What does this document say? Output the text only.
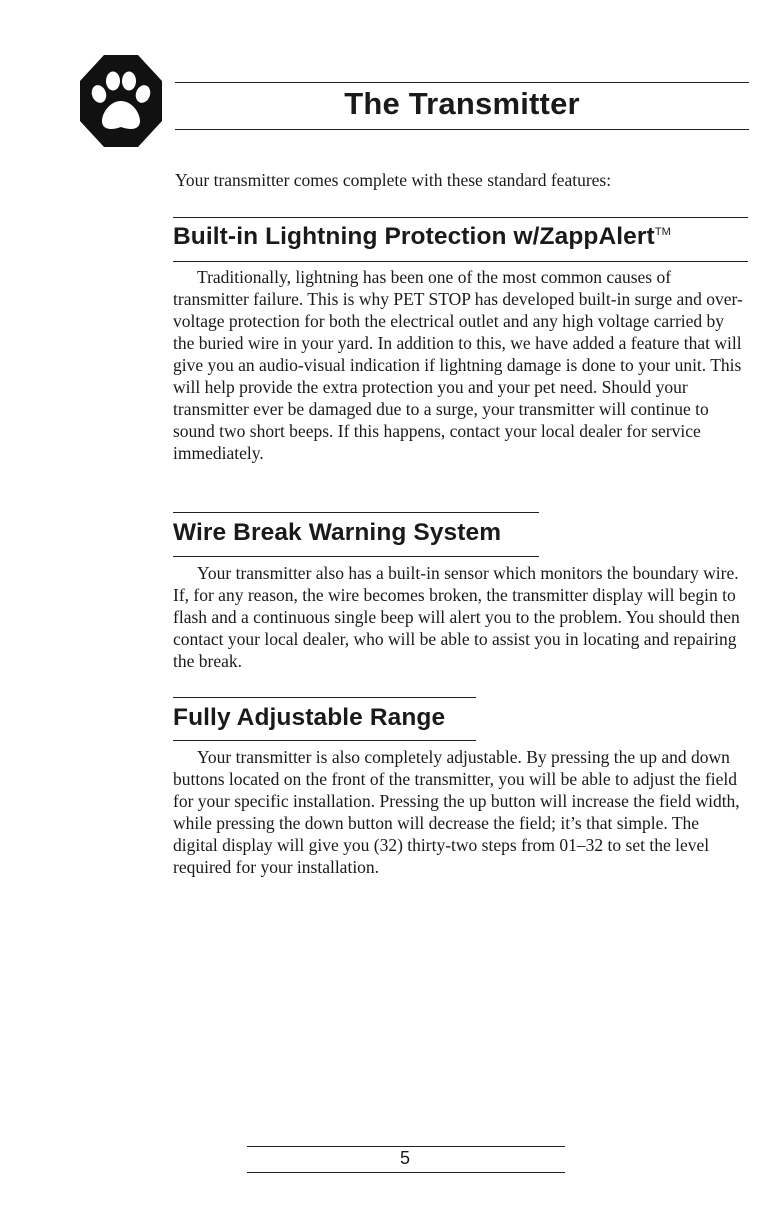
The Transmitter

Your transmitter comes complete with these standard features:

Built-in Lightning Protection w/ZappAlert™

Traditionally, lightning has been one of the most common causes of transmitter failure. This is why PET STOP has developed built-in surge and over-voltage protection for both the electrical outlet and any high voltage carried by the buried wire in your yard. In addition to this, we have added a feature that will give you an audio-visual indication if lightning damage is done to your unit. This will help provide the extra protection you and your pet need. Should your transmitter ever be damaged due to a surge, your transmitter will continue to sound two short beeps. If this happens, contact your local dealer for service immediately.

Wire Break Warning System

Your transmitter also has a built-in sensor which monitors the boundary wire. If, for any reason, the wire becomes broken, the transmitter display will begin to flash and a continuous single beep will alert you to the problem. You should then contact your local dealer, who will be able to assist you in locating and repairing the break.

Fully Adjustable Range

Your transmitter is also completely adjustable. By pressing the up and down buttons located on the front of the transmitter, you will be able to adjust the field for your specific installation. Pressing the up button will increase the field width, while pressing the down button will decrease the field; it’s that simple. The digital display will give you (32) thirty-two steps from 01–32 to set the level required for your installation.

5
